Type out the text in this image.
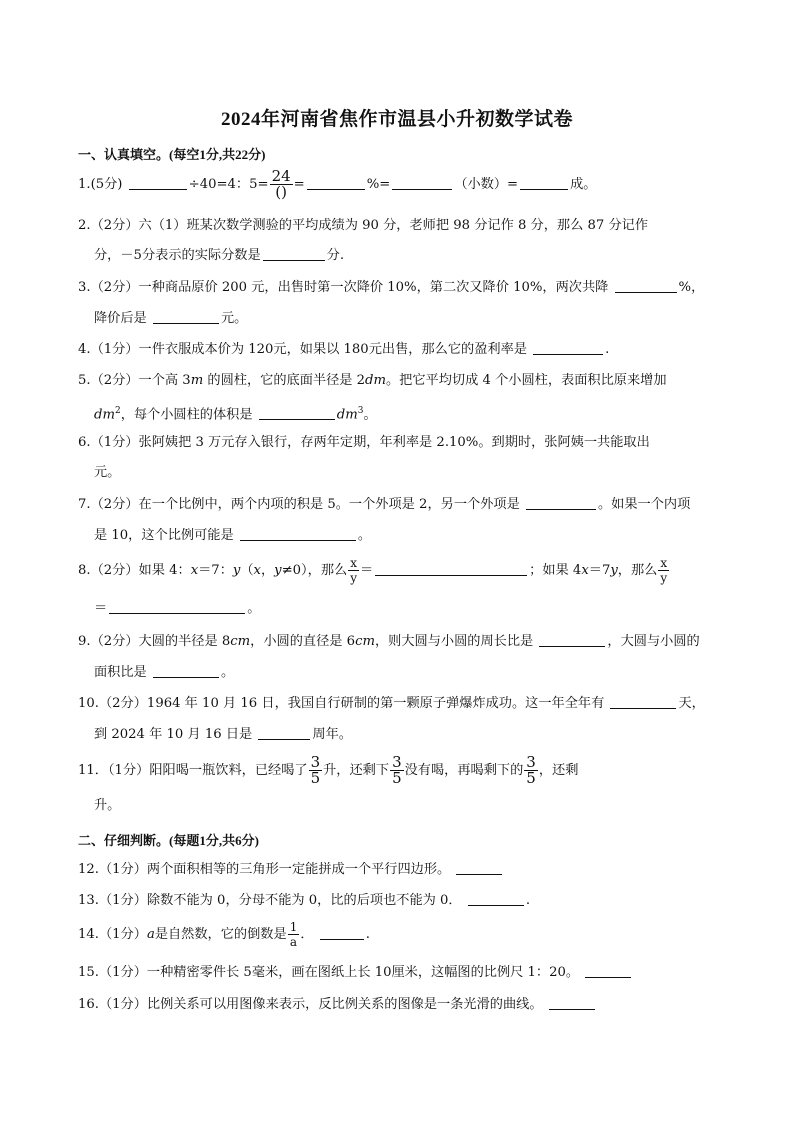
2024年河南省焦作市温县小升初数学试卷
一、认真填空。(每空1分,共22分)
1.(5分)	÷40=4：$5= \frac{24}{()}$ =	%=	（小数）=	成。
2.（2分）六（1）班某次数学测验的平均成绩为 90 分，老师把 98 分记作 8 分，那么 87 分记作
分，－5分表示的实际分数是	分.
3.（2分）一种商品原价 200 元，出售时第一次降价 10%，第二次又降价 10%，两次共降	%，
降价后是	元。
4.（1分）一件衣服成本价为 120元，如果以 180元出售，那么它的盈利率是	.
5.（2分）一个高 3m 的圆柱，它的底面半径是 2dm。把它平均切成 4 个小圆柱，表面积比原来增加
$dm^2$，每个小圆柱的体积是	$dm^3$。
6.（1分）张阿姨把 3 万元存入银行，存两年定期，年利率是 2.10%。到期时，张阿姨一共能取出
元。
7.（2分）在一个比例中，两个内项的积是 5。一个外项是 2，另一个外项是	。如果一个内项
是 10，这个比例可能是	。
8.（2分）如果 4：x＝7：y（x，y≠0），那么 $\frac{x}{y}$ ＝	；如果 4x＝7y，那么 $\frac{x}{y}$
＝	。
9.（2分）大圆的半径是 8cm，小圆的直径是 6cm，则大圆与小圆的周长比是	，大圆与小圆的
面积比是	。
10.（2分）1964 年 10 月 16 日，我国自行研制的第一颗原子弹爆炸成功。这一年全年有	天，
到 2024 年 10 月 16 日是	周年。
11．（1分）阳阳喝一瓶饮料，已经喝了 $\frac{3}{5}$ 升，还剩下 $\frac{3}{5}$ 没有喝，再喝剩下的 $\frac{3}{5}$ ，还剩
升。
二、仔细判断。(每题1分,共6分)
12.（1分）两个面积相等的三角形一定能拼成一个平行四边形。
13.（1分）除数不能为 0，分母不能为 0，比的后项也不能为 0．	.
14.（1分）a是自然数，它的倒数是 $\frac{1}{a}$ ．	.
15.（1分）一种精密零件长 5毫米，画在图纸上长 10厘米，这幅图的比例尺 1：20。
16.（1分）比例关系可以用图像来表示，反比例关系的图像是一条光滑的曲线。
